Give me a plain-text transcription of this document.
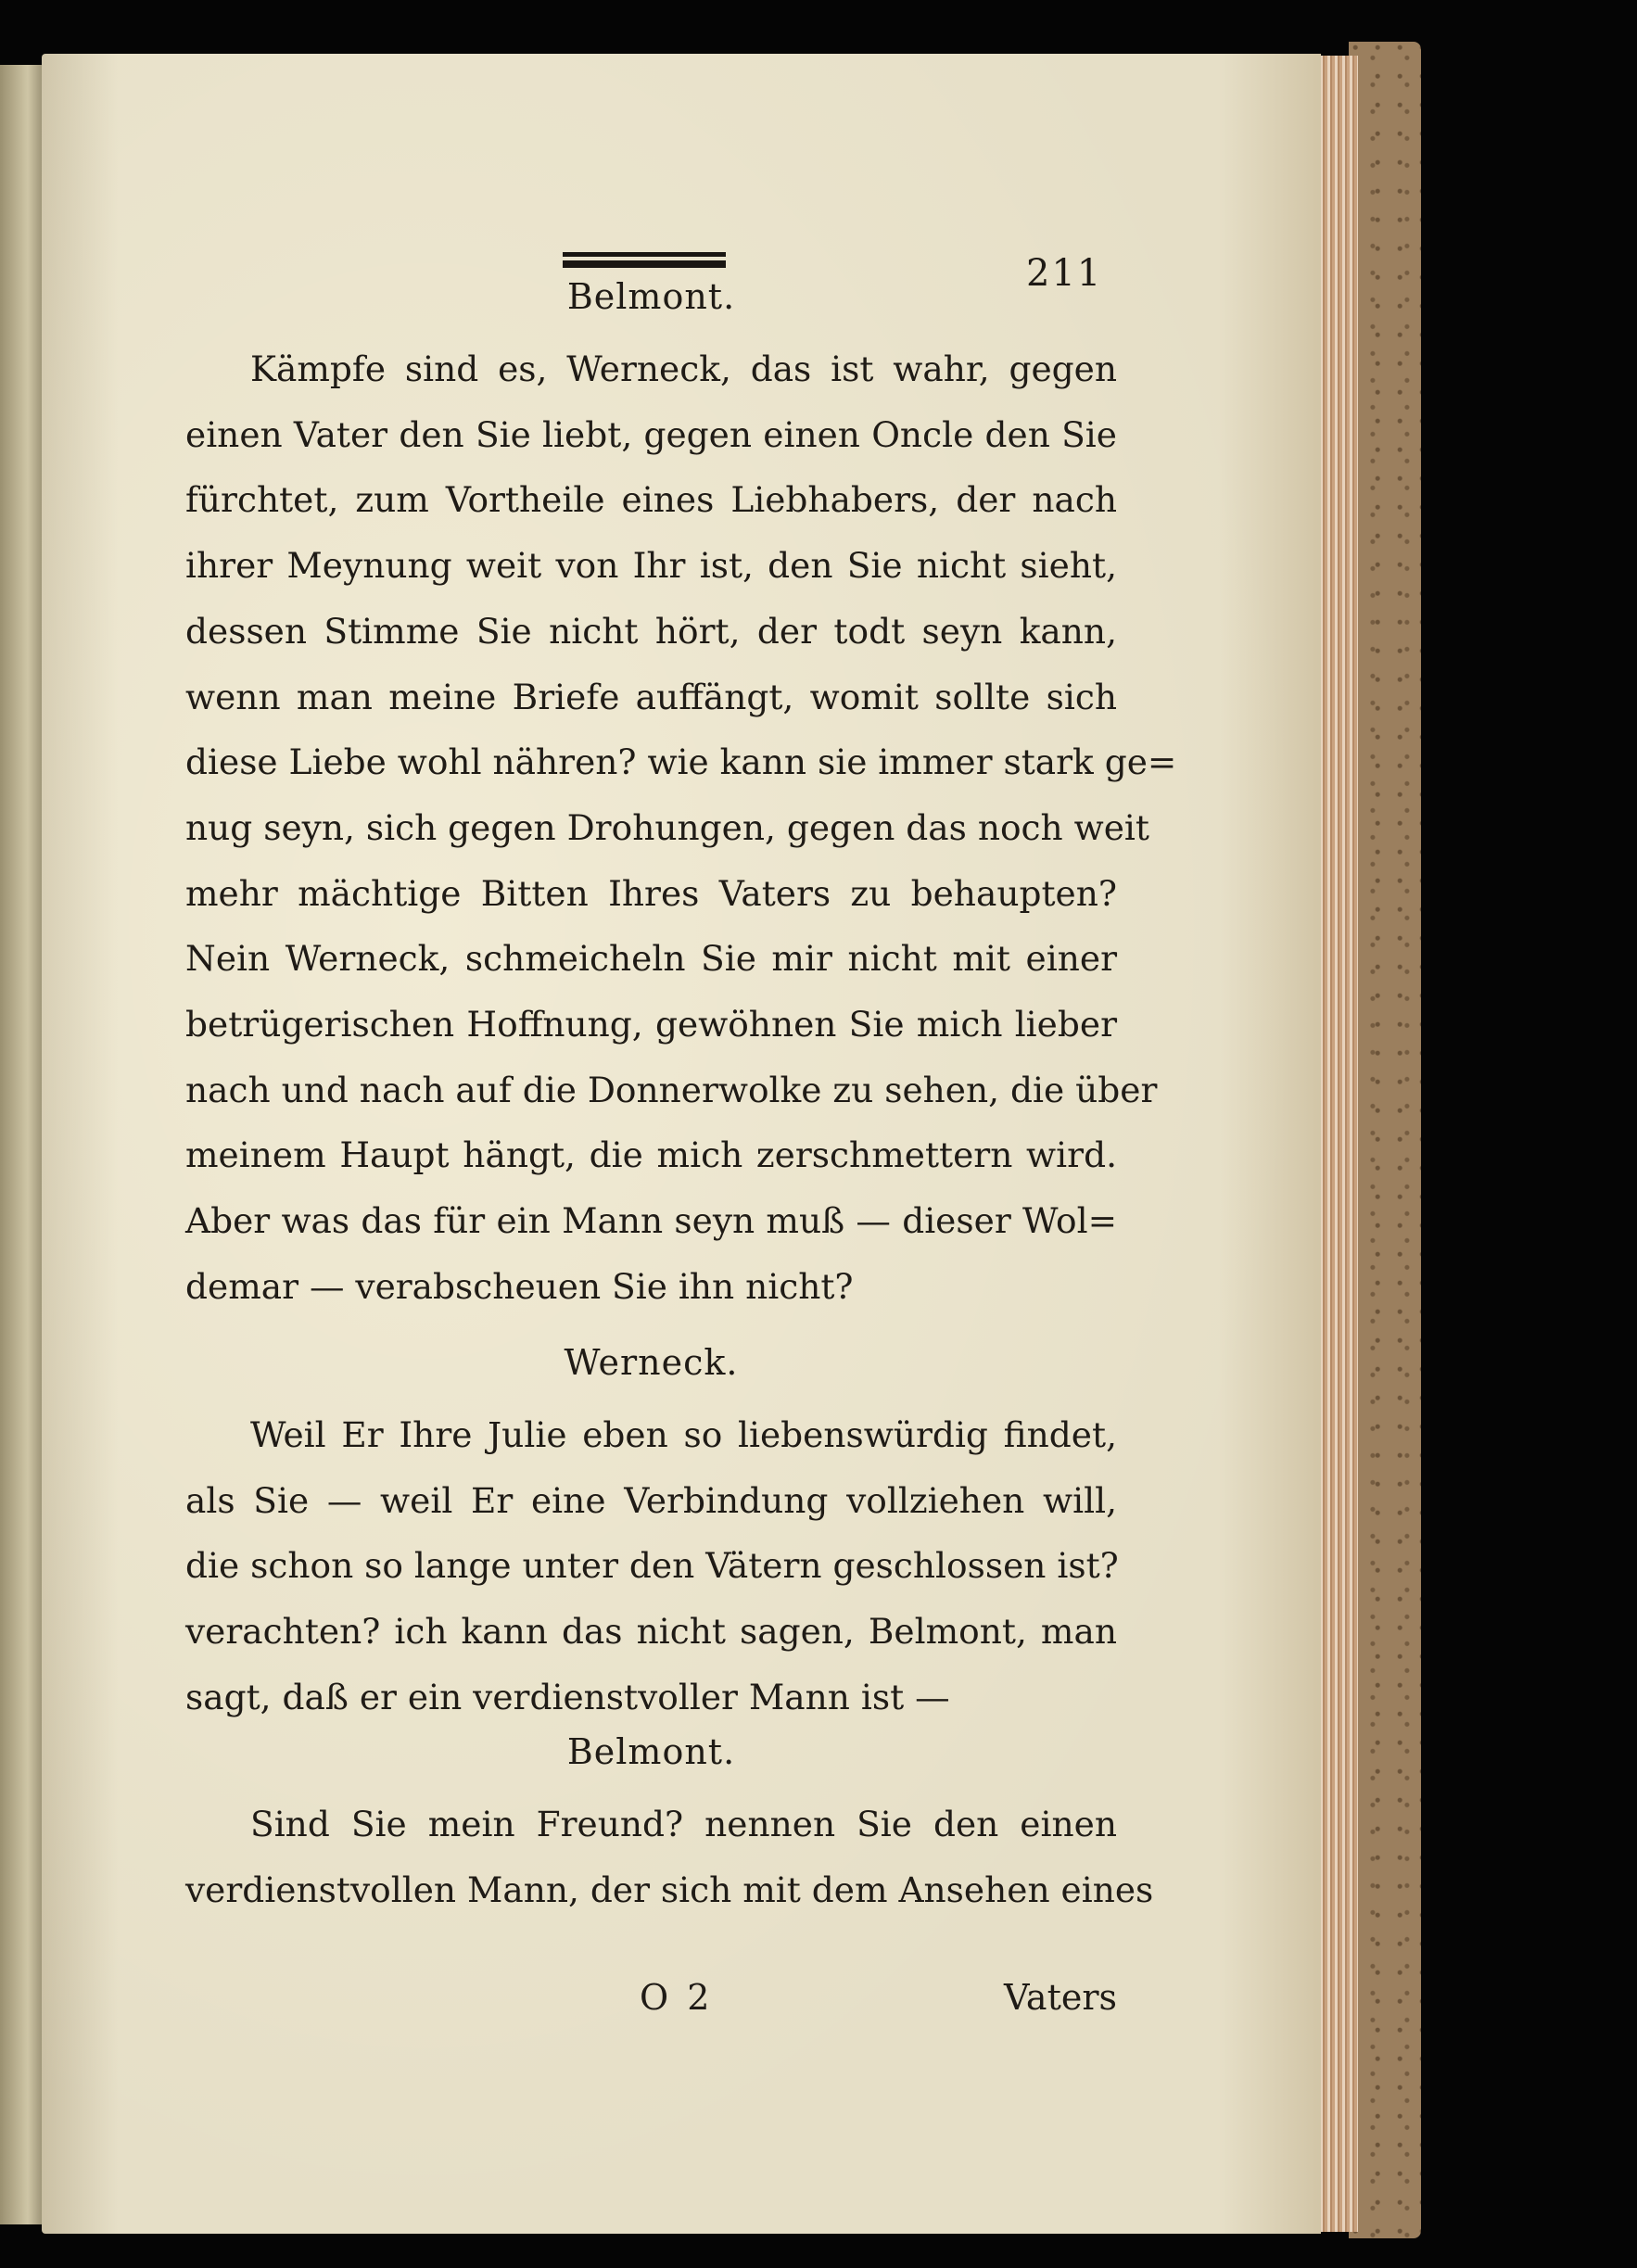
211
Belmont.
Kämpfe sind es, Werneck, das ist wahr, gegen
einen Vater den Sie liebt, gegen einen Oncle den Sie
fürchtet, zum Vortheile eines Liebhabers, der nach
ihrer Meynung weit von Ihr ist, den Sie nicht sieht,
dessen Stimme Sie nicht hört, der todt seyn kann,
wenn man meine Briefe auffängt, womit sollte sich
diese Liebe wohl nähren? wie kann sie immer stark ge=
nug seyn, sich gegen Drohungen, gegen das noch weit
mehr mächtige Bitten Ihres Vaters zu behaupten?
Nein Werneck, schmeicheln Sie mir nicht mit einer
betrügerischen Hoffnung, gewöhnen Sie mich lieber
nach und nach auf die Donnerwolke zu sehen, die über
meinem Haupt hängt, die mich zerschmettern wird.
Aber was das für ein Mann seyn muß — dieser Wol=
demar — verabscheuen Sie ihn nicht?
Werneck.
Weil Er Ihre Julie eben so liebenswürdig findet,
als Sie — weil Er eine Verbindung vollziehen will,
die schon so lange unter den Vätern geschlossen ist?
verachten? ich kann das nicht sagen, Belmont, man
sagt, daß er ein verdienstvoller Mann ist —
Belmont.
Sind Sie mein Freund? nennen Sie den einen
verdienstvollen Mann, der sich mit dem Ansehen eines
O 2	Vaters
